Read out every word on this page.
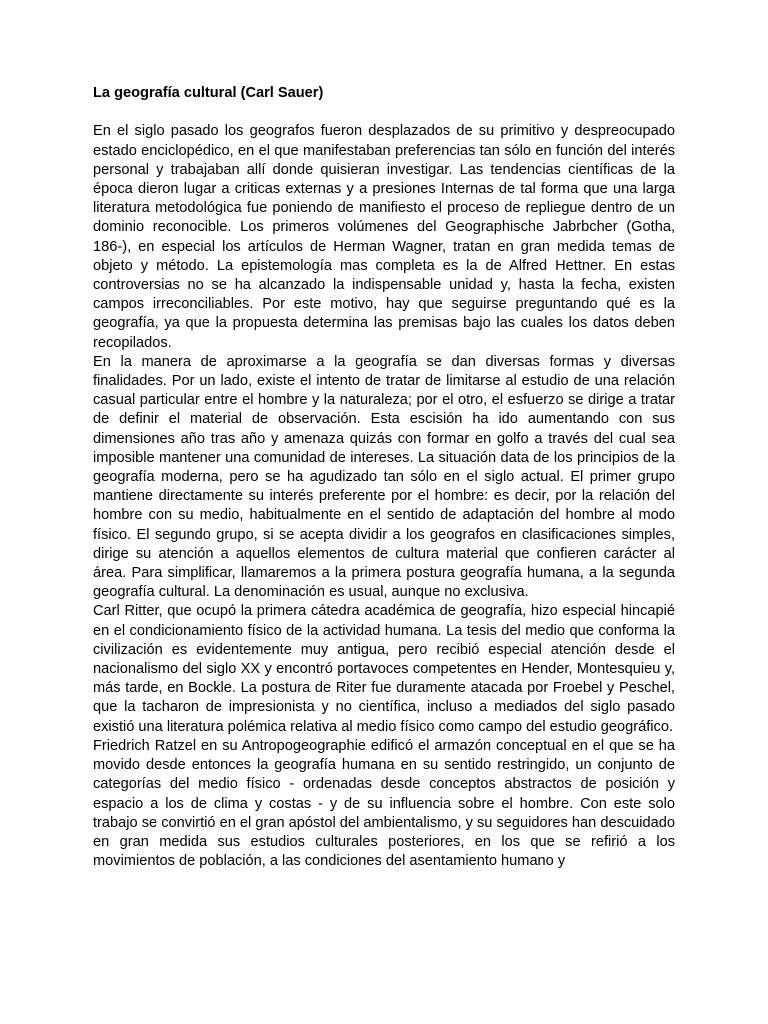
La geografía cultural (Carl Sauer)

En el siglo pasado los geografos fueron desplazados de su primitivo y despreocupado estado enciclopédico, en el que manifestaban preferencias tan sólo en función del interés personal y trabajaban allí donde quisieran investigar. Las tendencias científicas de la época dieron lugar a criticas externas y a presiones Internas de tal forma que una larga literatura metodológica fue poniendo de manifiesto el proceso de repliegue dentro de un dominio reconocible. Los primeros volúmenes del Geographische Jabrbcher (Gotha, 186-), en especial los artículos de Herman Wagner, tratan en gran medida temas de objeto y método. La epistemología mas completa es la de Alfred Hettner. En estas controversias no se ha alcanzado la indispensable unidad y, hasta la fecha, existen campos irreconciliables. Por este motivo, hay que seguirse preguntando qué es la geografía, ya que la propuesta determina las premisas bajo las cuales los datos deben recopilados.

En la manera de aproximarse a la geografía se dan diversas formas y diversas finalidades. Por un lado, existe el intento de tratar de limitarse al estudio de una relación casual particular entre el hombre y la naturaleza; por el otro, el esfuerzo se dirige a tratar de definir el material de observación. Esta escisión ha ido aumentando con sus dimensiones año tras año y amenaza quizás con formar en golfo a través del cual sea imposible mantener una comunidad de intereses. La situación data de los principios de la geografía moderna, pero se ha agudizado tan sólo en el siglo actual. El primer grupo mantiene directamente su interés preferente por el hombre: es decir, por la relación del hombre con su medio, habitualmente en el sentido de adaptación del hombre al modo físico. El segundo grupo, si se acepta dividir a los geografos en clasificaciones simples, dirige su atención a aquellos elementos de cultura material que confieren carácter al área. Para simplificar, llamaremos a la primera postura geografía humana, a la segunda geografía cultural. La denominación es usual, aunque no exclusiva.

Carl Ritter, que ocupó la primera cátedra académica de geografía, hizo especial hincapié en el condicionamiento físico de la actividad humana. La tesis del medio que conforma la civilización es evidentemente muy antigua, pero recibió especial atención desde el nacionalismo del siglo XX y encontró portavoces competentes en Hender, Montesquieu y, más tarde, en Bockle. La postura de Riter fue duramente atacada por Froebel y Peschel, que la tacharon de impresionista y no científica, incluso a mediados del siglo pasado existió una literatura polémica relativa al medio físico como campo del estudio geográfico.

Friedrich Ratzel en su Antropogeographie edificó el armazón conceptual en el que se ha movido desde entonces la geografía humana en su sentido restringido, un conjunto de categorías del medio físico - ordenadas desde conceptos abstractos de posición y espacio a los de clima y costas - y de su influencia sobre el hombre. Con este solo trabajo se convirtió en el gran apóstol del ambientalismo, y su seguidores han descuidado en gran medida sus estudios culturales posteriores, en los que se refirió a los movimientos de población, a las condiciones del asentamiento humano y
